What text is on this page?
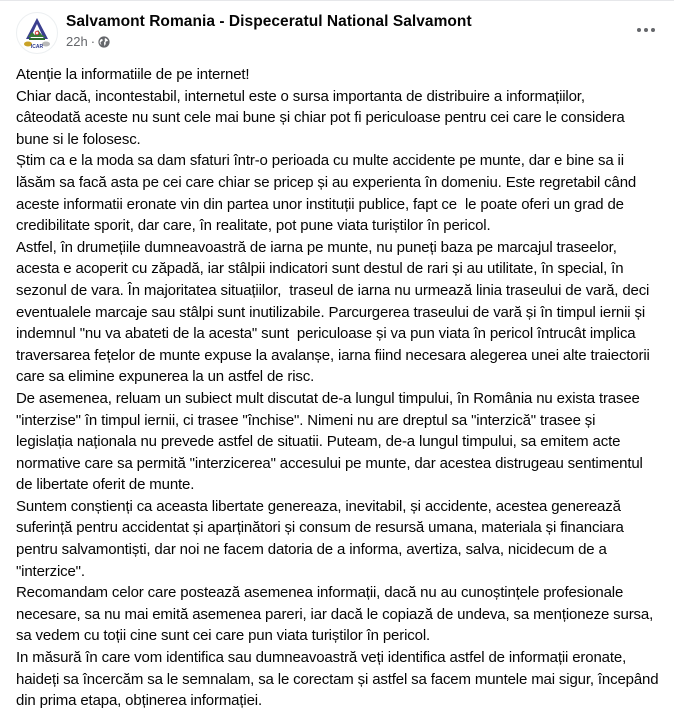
ICAR
Salvamont Romania - Dispeceratul National Salvamont
22h ·

Atenție la informatiile de pe internet!

Chiar dacă, incontestabil, internetul este o sursa importanta de distribuire a informațiilor,

câteodată aceste nu sunt cele mai bune și chiar pot fi periculoase pentru cei care le considera

bune si le folosesc.

Știm ca e la moda sa dam sfaturi într-o perioada cu multe accidente pe munte, dar e bine sa ii

lăsăm sa facă asta pe cei care chiar se pricep și au experienta în domeniu. Este regretabil când

aceste informatii eronate vin din partea unor instituții publice, fapt ce  le poate oferi un grad de

credibilitate sporit, dar care, în realitate, pot pune viata turiștilor în pericol.

Astfel, în drumețiile dumneavoastră de iarna pe munte, nu puneți baza pe marcajul traseelor,

acesta e acoperit cu zăpadă, iar stâlpii indicatori sunt destul de rari și au utilitate, în special, în

sezonul de vara. În majoritatea situațiilor,  traseul de iarna nu urmează linia traseului de vară, deci

eventualele marcaje sau stâlpi sunt inutilizabile. Parcurgerea traseului de vară și în timpul iernii și

indemnul "nu va abateti de la acesta" sunt  periculoase și va pun viata în pericol întrucât implica

traversarea fețelor de munte expuse la avalanșe, iarna fiind necesara alegerea unei alte traiectorii

care sa elimine expunerea la un astfel de risc.

De asemenea, reluam un subiect mult discutat de-a lungul timpului, în România nu exista trasee

"interzise" în timpul iernii, ci trasee "închise". Nimeni nu are dreptul sa "interzică" trasee și

legislația naționala nu prevede astfel de situatii. Puteam, de-a lungul timpului, sa emitem acte

normative care sa permită "interzicerea" accesului pe munte, dar acestea distrugeau sentimentul

de libertate oferit de munte.

Suntem conștienți ca aceasta libertate genereaza, inevitabil, și accidente, acestea generează

suferință pentru accidentat și aparținători și consum de resursă umana, materiala și financiara

pentru salvamontiști, dar noi ne facem datoria de a informa, avertiza, salva, nicidecum de a

"interzice".

Recomandam celor care postează asemenea informații, dacă nu au cunoștințele profesionale

necesare, sa nu mai emită asemenea pareri, iar dacă le copiază de undeva, sa menționeze sursa,

sa vedem cu toții cine sunt cei care pun viata turiștilor în pericol.

In măsură în care vom identifica sau dumneavoastră veți identifica astfel de informații eronate,

haideți sa încercăm sa le semnalam, sa le corectam și astfel sa facem muntele mai sigur, începând

din prima etapa, obținerea informației.
